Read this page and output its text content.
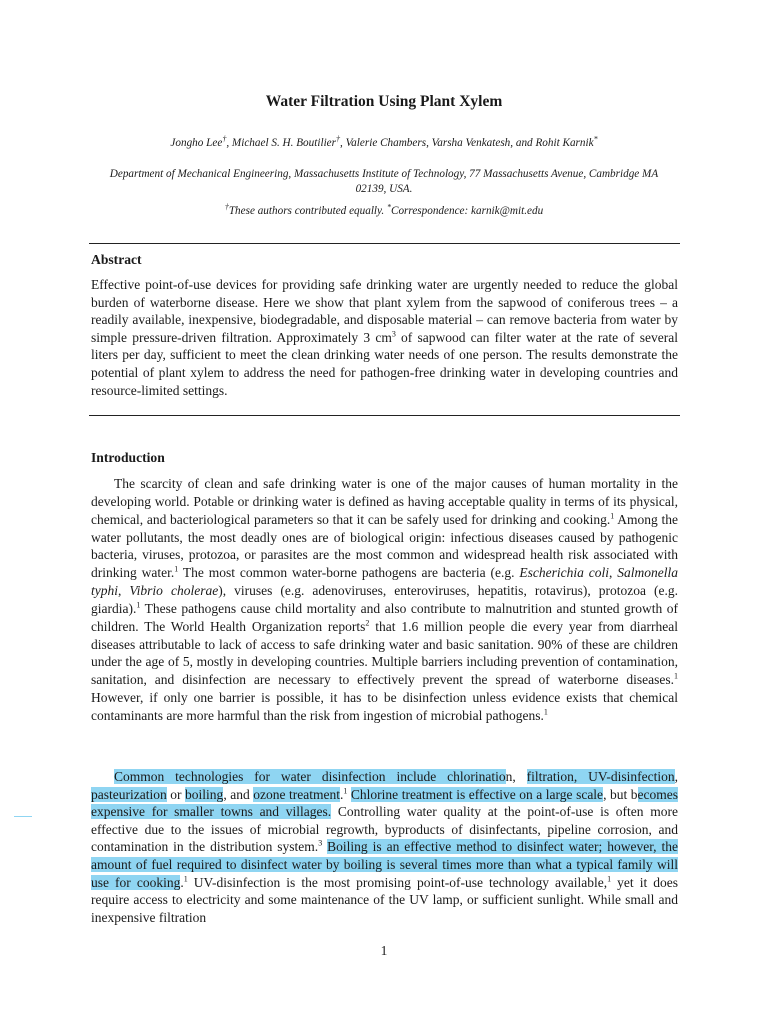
Water Filtration Using Plant Xylem
Jongho Lee†, Michael S. H. Boutilier†, Valerie Chambers, Varsha Venkatesh, and Rohit Karnik*
Department of Mechanical Engineering, Massachusetts Institute of Technology, 77 Massachusetts Avenue, Cambridge MA 02139, USA.
†These authors contributed equally. *Correspondence: karnik@mit.edu
Abstract

Effective point-of-use devices for providing safe drinking water are urgently needed to reduce the global burden of waterborne disease. Here we show that plant xylem from the sapwood of coniferous trees – a readily available, inexpensive, biodegradable, and disposable material – can remove bacteria from water by simple pressure-driven filtration. Approximately 3 $cm^3$ of sapwood can filter water at the rate of several liters per day, sufficient to meet the clean drinking water needs of one person. The results demonstrate the potential of plant xylem to address the need for pathogen-free drinking water in developing countries and resource-limited settings.

Introduction

The scarcity of clean and safe drinking water is one of the major causes of human mortality in the developing world. Potable or drinking water is defined as having acceptable quality in terms of its physical, chemical, and bacteriological parameters so that it can be safely used for drinking and cooking.$^1$ Among the water pollutants, the most deadly ones are of biological origin: infectious diseases caused by pathogenic bacteria, viruses, protozoa, or parasites are the most common and widespread health risk associated with drinking water.$^1$ The most common water-borne pathogens are bacteria (e.g. Escherichia coli, Salmonella typhi, Vibrio cholerae), viruses (e.g. adenoviruses, enteroviruses, hepatitis, rotavirus), protozoa (e.g. giardia).$^1$ These pathogens cause child mortality and also contribute to malnutrition and stunted growth of children. The World Health Organization reports$^2$ that 1.6 million people die every year from diarrheal diseases attributable to lack of access to safe drinking water and basic sanitation. 90% of these are children under the age of 5, mostly in developing countries. Multiple barriers including prevention of contamination, sanitation, and disinfection are necessary to effectively prevent the spread of waterborne diseases.$^1$ However, if only one barrier is possible, it has to be disinfection unless evidence exists that chemical contaminants are more harmful than the risk from ingestion of microbial pathogens.$^1$

Common technologies for water disinfection include chlorination, filtration, UV-disinfection, pasteurization or boiling, and ozone treatment.$^1$ Chlorine treatment is effective on a large scale, but becomes expensive for smaller towns and villages. Controlling water quality at the point-of-use is often more effective due to the issues of microbial regrowth, byproducts of disinfectants, pipeline corrosion, and contamination in the distribution system.$^3$ Boiling is an effective method to disinfect water; however, the amount of fuel required to disinfect water by boiling is several times more than what a typical family will use for cooking.$^1$ UV-disinfection is the most promising point-of-use technology available,$^1$ yet it does require access to electricity and some maintenance of the UV lamp, or sufficient sunlight. While small and inexpensive filtration

1
